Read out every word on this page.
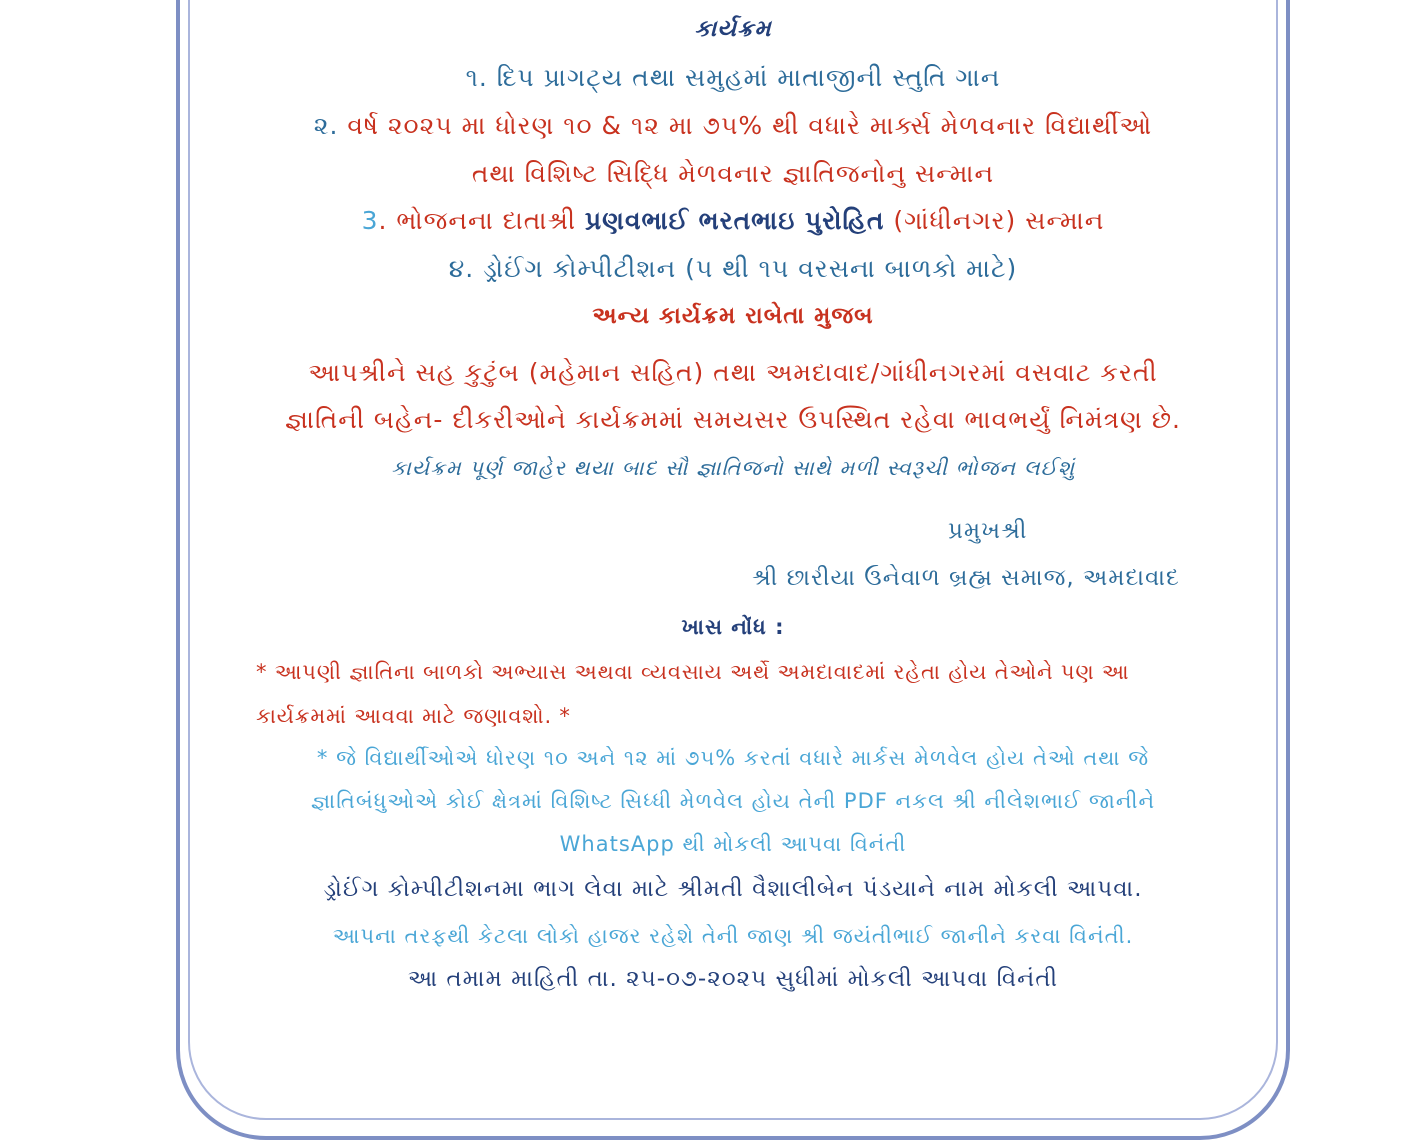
કાર્યક્રમ
૧. દિપ પ્રાગટ્ય તથા સમુહમાં માતાજીની સ્તુતિ ગાન
૨. વર્ષ ૨૦૨૫ મા ધોરણ ૧૦ & ૧૨ મા ૭૫% થી વધારે માર્ક્સ મેળવનાર વિદ્યાર્થીઓ
તથા વિશિષ્ટ સિદ્ધિ મેળવનાર જ્ઞાતિજનોનુ સન્માન
3. ભોજનના દાતાશ્રી પ્રણવભાઈ ભરતભાઇ પુરોહિત (ગાંધીનગર) સન્માન
૪. ડ્રોઈંગ કોમ્પીટીશન (૫ થી ૧૫ વરસના બાળકો માટે)
અન્ય કાર્યક્રમ રાબેતા મુજબ
આપશ્રીને સહ કુટુંબ (મહેમાન સહિત) તથા અમદાવાદ/ગાંધીનગરમાં વસવાટ કરતી
જ્ઞાતિની બહેન- દીકરીઓને કાર્યક્રમમાં સમયસર ઉપસ્થિત રહેવા ભાવભર્યું નિમંત્રણ છે.
કાર્યક્રમ પૂર્ણ જાહેર થયા બાદ સૌ જ્ઞાતિજનો સાથે મળી સ્વરૂચી ભોજન લઈશું
પ્રમુખશ્રી
શ્રી છારીયા ઉનેવાળ બ્રહ્મ સમાજ, અમદાવાદ
ખાસ નોંધ :
* આપણી જ્ઞાતિના બાળકો અભ્યાસ અથવા વ્યવસાય અર્થે અમદાવાદમાં રહેતા હોય તેઓને પણ આ
કાર્યક્રમમાં આવવા માટે જણાવશો. *
* જે વિદ્યાર્થીઓએ ધોરણ ૧૦ અને ૧૨ માં ૭૫% કરતાં વધારે માર્કસ મેળવેલ હોય તેઓ તથા જે
જ્ઞાતિબંધુઓએ કોઈ ક્ષેત્રમાં વિશિષ્ટ સિધ્ધી મેળવેલ હોય તેની PDF નકલ શ્રી નીલેશભાઈ જાનીને
WhatsApp થી મોકલી આપવા વિનંતી
ડ્રોઈંગ કોમ્પીટીશનમા ભાગ લેવા માટે શ્રીમતી વૈશાલીબેન પંડયાને નામ મોકલી આપવા.
આપના તરફથી કેટલા લોકો હાજર રહેશે તેની જાણ શ્રી જયંતીભાઈ જાનીને કરવા વિનંતી.
આ તમામ માહિતી તા. ૨૫-૦૭-૨૦૨૫ સુધીમાં મોકલી આપવા વિનંતી
